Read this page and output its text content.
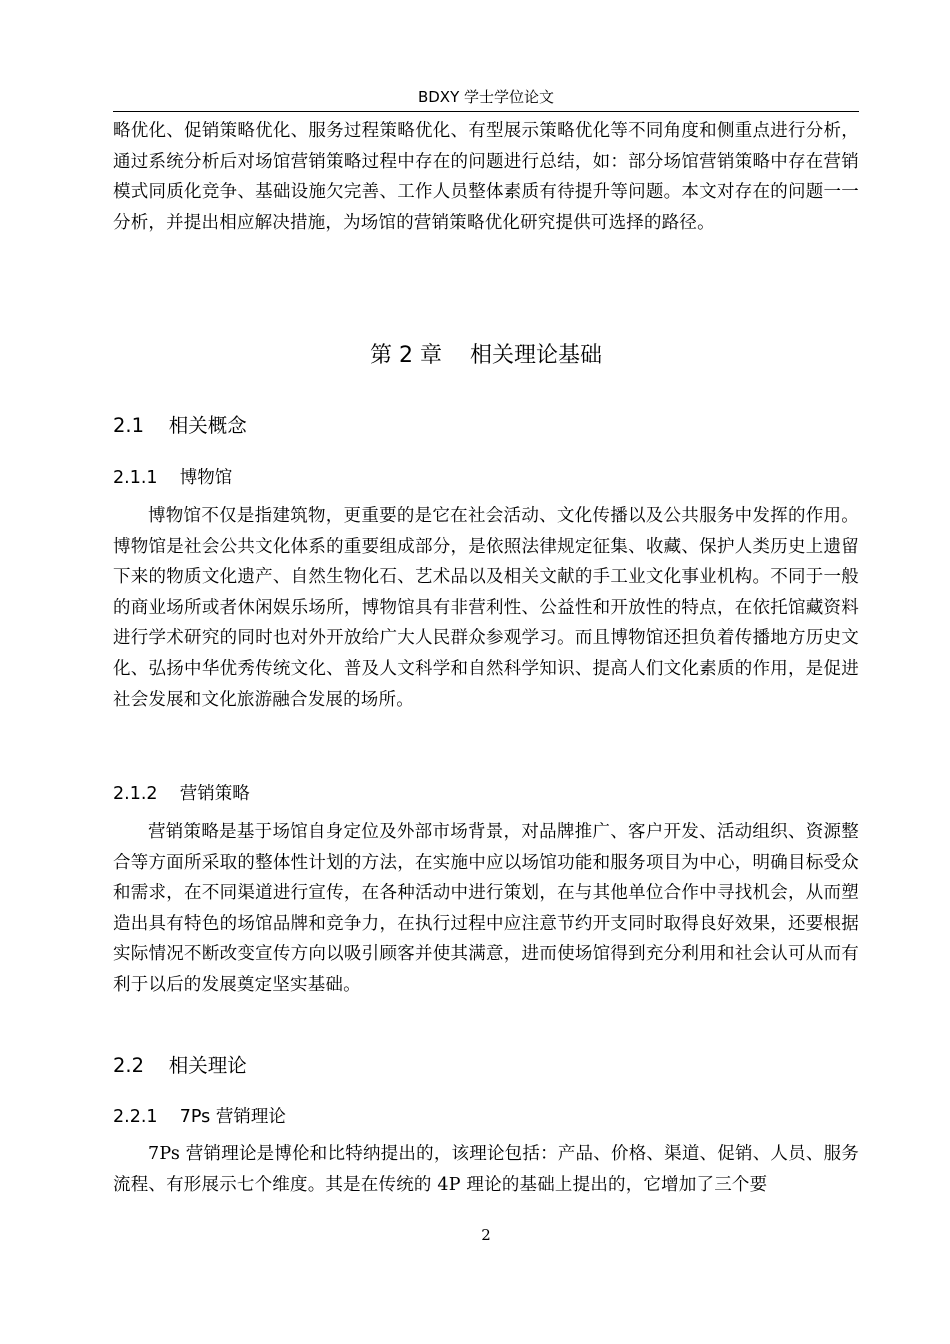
BDXY 学士学位论文

略优化、促销策略优化、服务过程策略优化、有型展示策略优化等不同角度和侧重点进行分析，通过系统分析后对场馆营销策略过程中存在的问题进行总结，如：部分场馆营销策略中存在营销模式同质化竞争、基础设施欠完善、工作人员整体素质有待提升等问题。本文对存在的问题一一分析，并提出相应解决措施，为场馆的营销策略优化研究提供可选择的路径。

第 2 章    相关理论基础
2.1    相关概念
2.1.1    博物馆

博物馆不仅是指建筑物，更重要的是它在社会活动、文化传播以及公共服务中发挥的作用。博物馆是社会公共文化体系的重要组成部分，是依照法律规定征集、收藏、保护人类历史上遗留下来的物质文化遗产、自然生物化石、艺术品以及相关文献的手工业文化事业机构。不同于一般的商业场所或者休闲娱乐场所，博物馆具有非营利性、公益性和开放性的特点，在依托馆藏资料进行学术研究的同时也对外开放给广大人民群众参观学习。而且博物馆还担负着传播地方历史文化、弘扬中华优秀传统文化、普及人文科学和自然科学知识、提高人们文化素质的作用，是促进社会发展和文化旅游融合发展的场所。

2.1.2    营销策略

营销策略是基于场馆自身定位及外部市场背景，对品牌推广、客户开发、活动组织、资源整合等方面所采取的整体性计划的方法，在实施中应以场馆功能和服务项目为中心，明确目标受众和需求，在不同渠道进行宣传，在各种活动中进行策划，在与其他单位合作中寻找机会，从而塑造出具有特色的场馆品牌和竞争力，在执行过程中应注意节约开支同时取得良好效果，还要根据实际情况不断改变宣传方向以吸引顾客并使其满意，进而使场馆得到充分利用和社会认可从而有利于以后的发展奠定坚实基础。

2.2    相关理论
2.2.1    7Ps 营销理论

7Ps 营销理论是博伦和比特纳提出的，该理论包括：产品、价格、渠道、促销、人员、服务流程、有形展示七个维度。其是在传统的 4P 理论的基础上提出的，它增加了三个要

2
